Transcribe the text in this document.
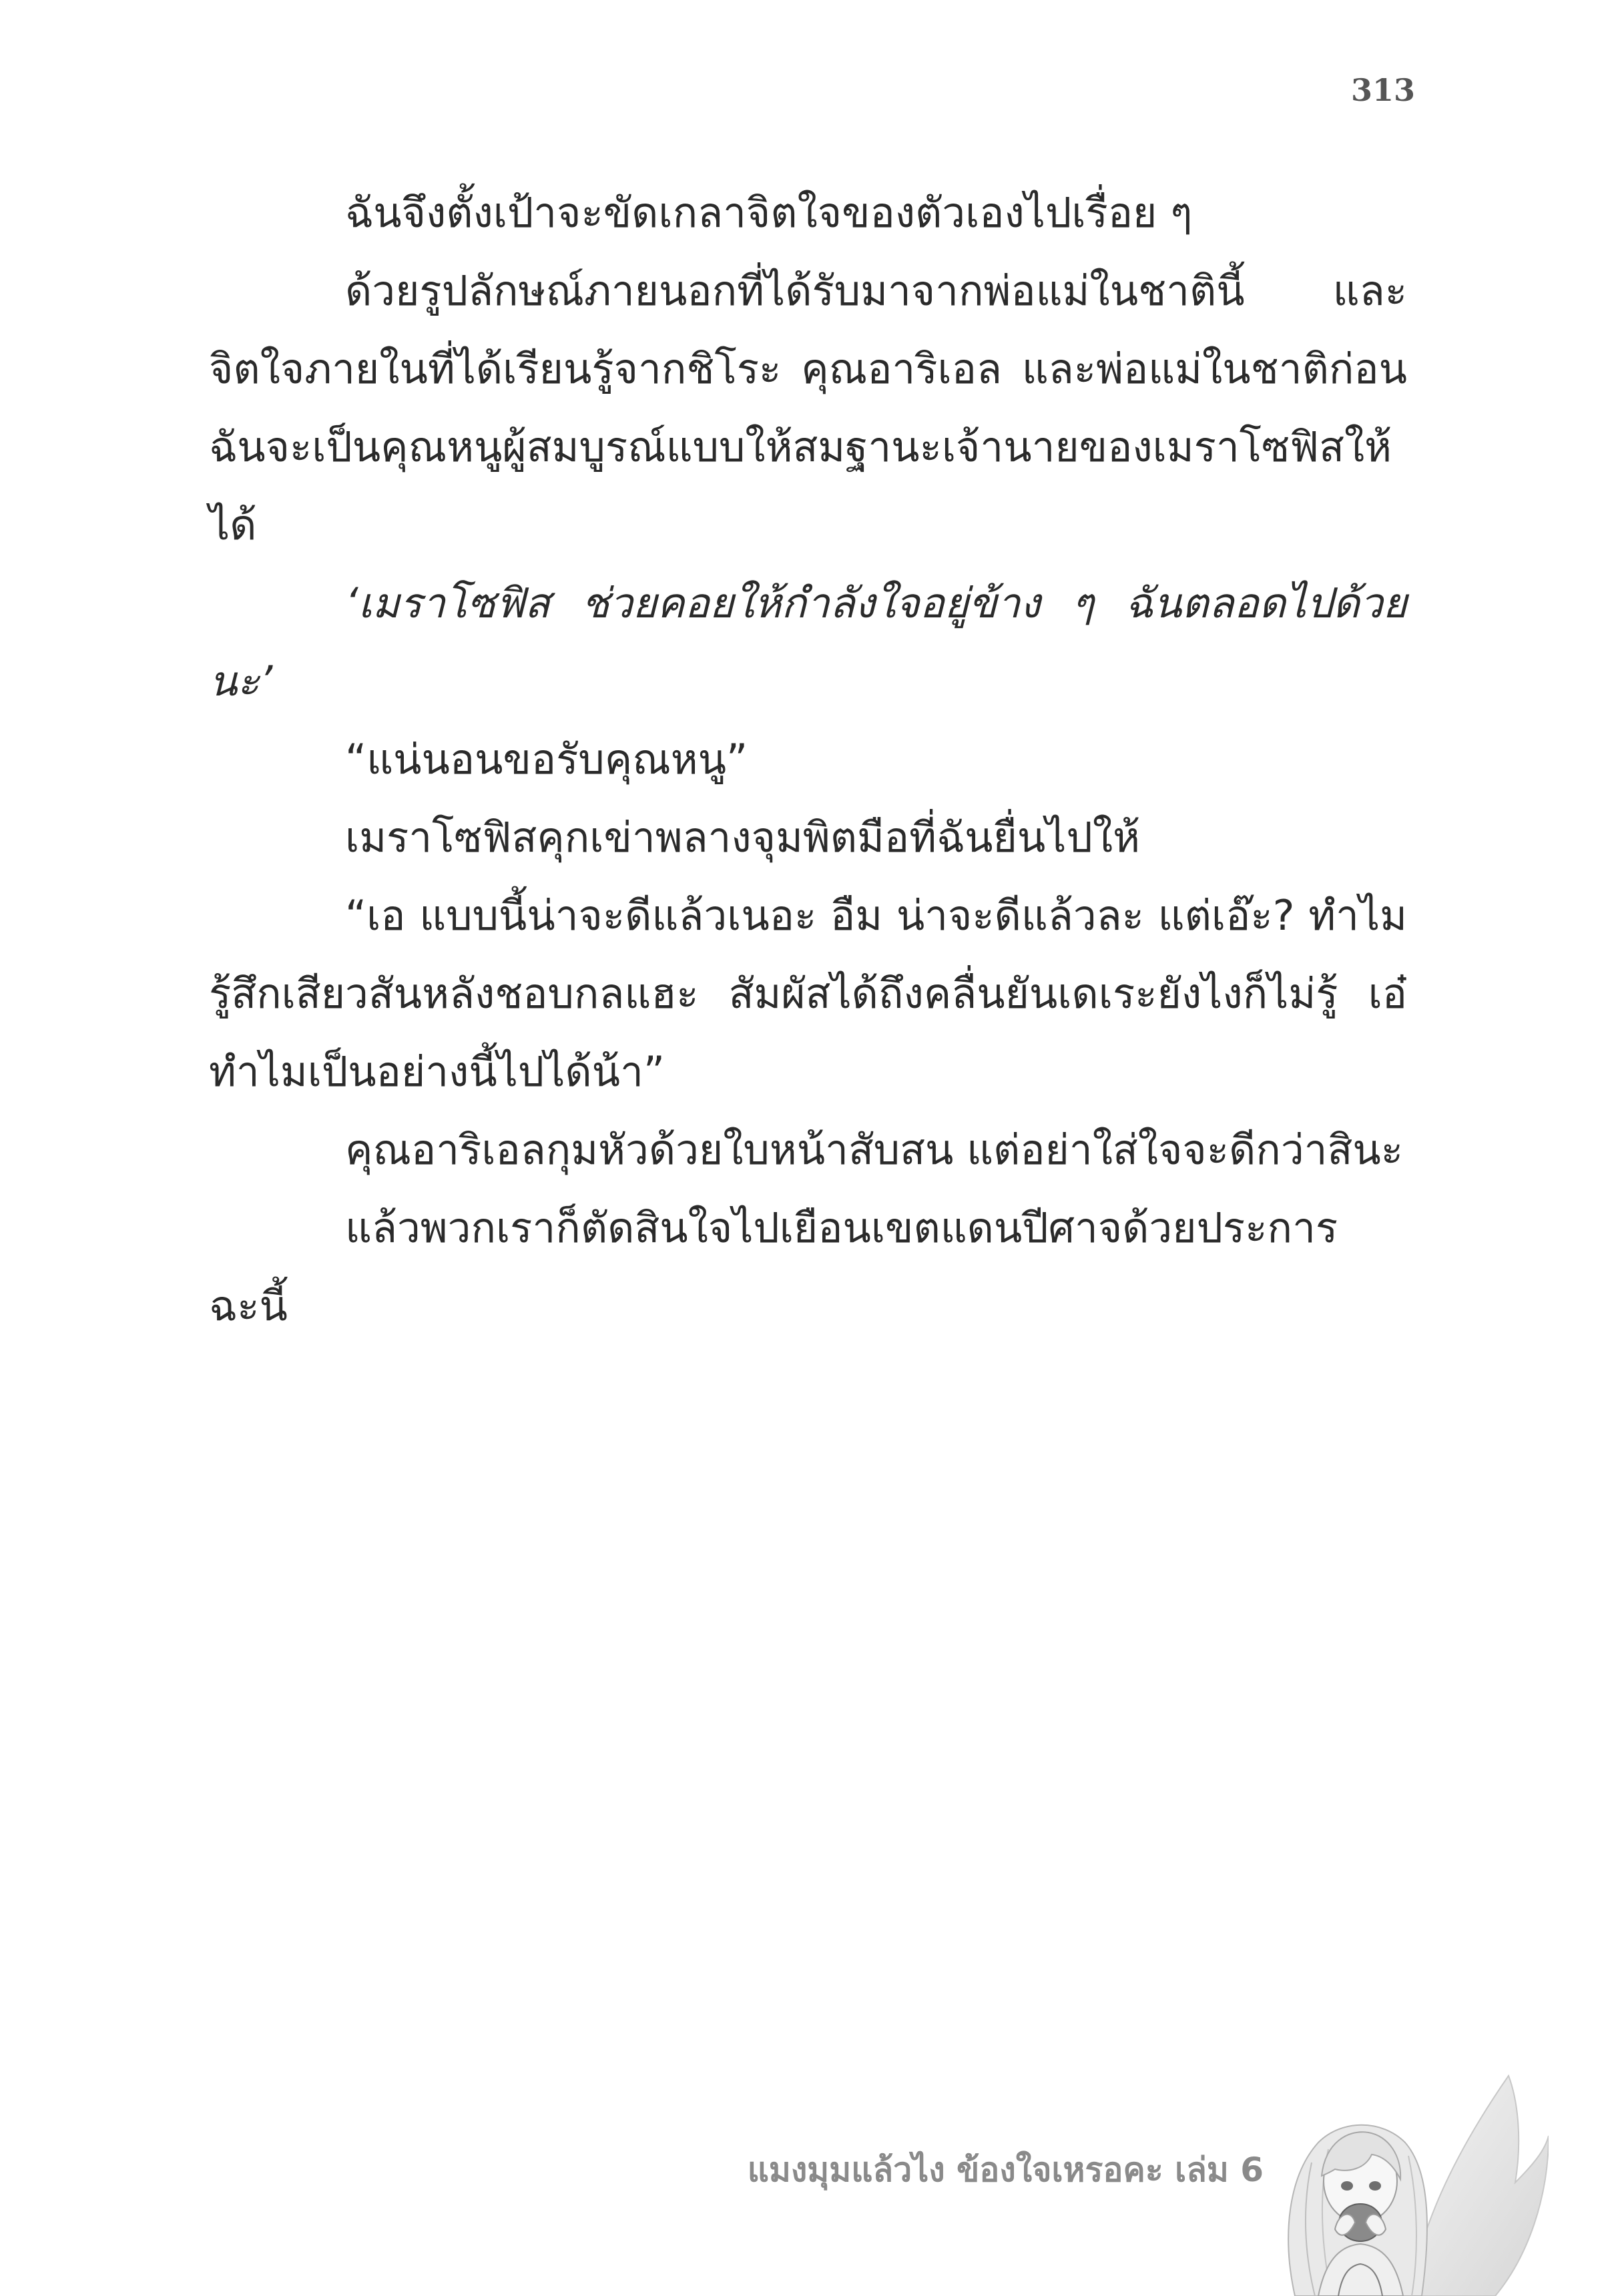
313

ฉันจึงตั้งเป้าจะขัดเกลาจิตใจของตัวเองไปเรื่อย ๆ

ด้วยรูปลักษณ์ภายนอกที่ได้รับมาจากพ่อแม่ในชาตินี้ และจิตใจภายในที่ได้เรียนรู้จากชิโระ คุณอาริเอล และพ่อแม่ในชาติก่อน ฉันจะเป็นคุณหนูผู้สมบูรณ์แบบให้สมฐานะเจ้านายของเมราโซฟิสให้ได้

‘เมราโซฟิส ช่วยคอยให้กำลังใจอยู่ข้าง ๆ ฉันตลอดไปด้วยนะ’

“แน่นอนขอรับคุณหนู”

เมราโซฟิสคุกเข่าพลางจุมพิตมือที่ฉันยื่นไปให้

“เอ แบบนี้น่าจะดีแล้วเนอะ อืม น่าจะดีแล้วละ แต่เอ๊ะ? ทำไมรู้สึกเสียวสันหลังชอบกลแฮะ สัมผัสได้ถึงคลื่นยันเดเระยังไงก็ไม่รู้ เอ๋ ทำไมเป็นอย่างนี้ไปได้น้า”

คุณอาริเอลกุมหัวด้วยใบหน้าสับสน แต่อย่าใส่ใจจะดีกว่าสินะ

แล้วพวกเราก็ตัดสินใจไปเยือนเขตแดนปีศาจด้วยประการฉะนี้

แมงมุมแล้วไง ข้องใจเหรอคะ เล่ม 6
